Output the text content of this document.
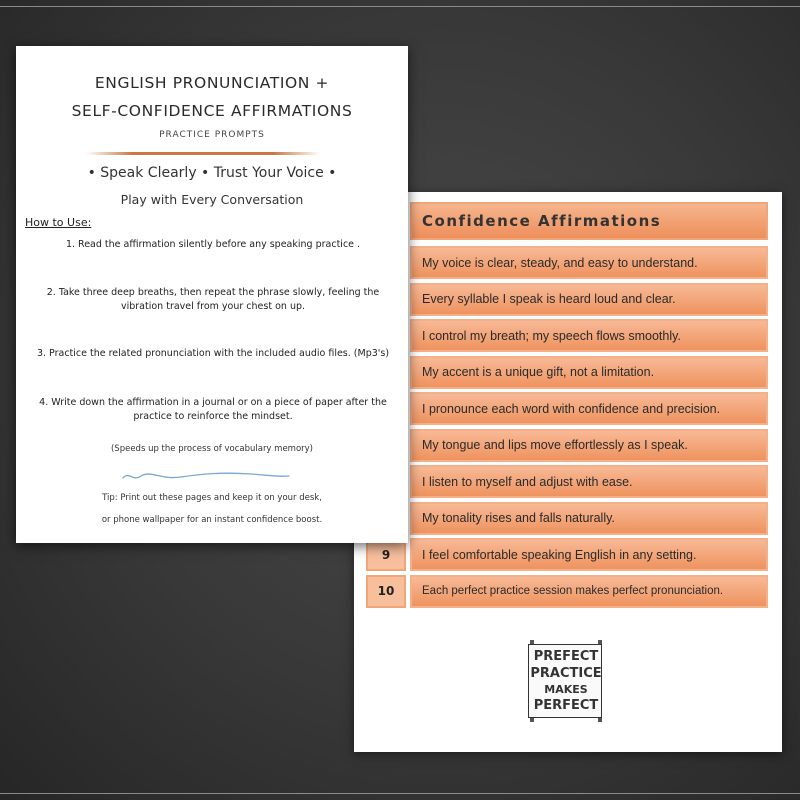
Confidence Affirmations
My voice is clear, steady, and easy to understand.
Every syllable I speak is heard loud and clear.
I control my breath; my speech flows smoothly.
My accent is a unique gift, not a limitation.
I pronounce each word with confidence and precision.
My tongue and lips move effortlessly as I speak.
I listen to myself and adjust with ease.
My tonality rises and falls naturally.
9	I feel comfortable speaking English in any setting.
10	Each perfect practice session makes perfect pronunciation.
PREFECT
PRACTICE
MAKES
PERFECT
ENGLISH PRONUNCIATION +
SELF-CONFIDENCE AFFIRMATIONS
PRACTICE PROMPTS
• Speak Clearly • Trust Your Voice •
Play with Every Conversation
How to Use:
1. Read the affirmation silently before any speaking practice .
2. Take three deep breaths, then repeat the phrase slowly, feeling the vibration travel from your chest on up.
3. Practice the related pronunciation with the included audio files. (Mp3's)
4. Write down the affirmation in a journal or on a piece of paper after the practice to reinforce the mindset.
(Speeds up the process of vocabulary memory)
Tip: Print out these pages and keep it on your desk,
or phone wallpaper for an instant confidence boost.
